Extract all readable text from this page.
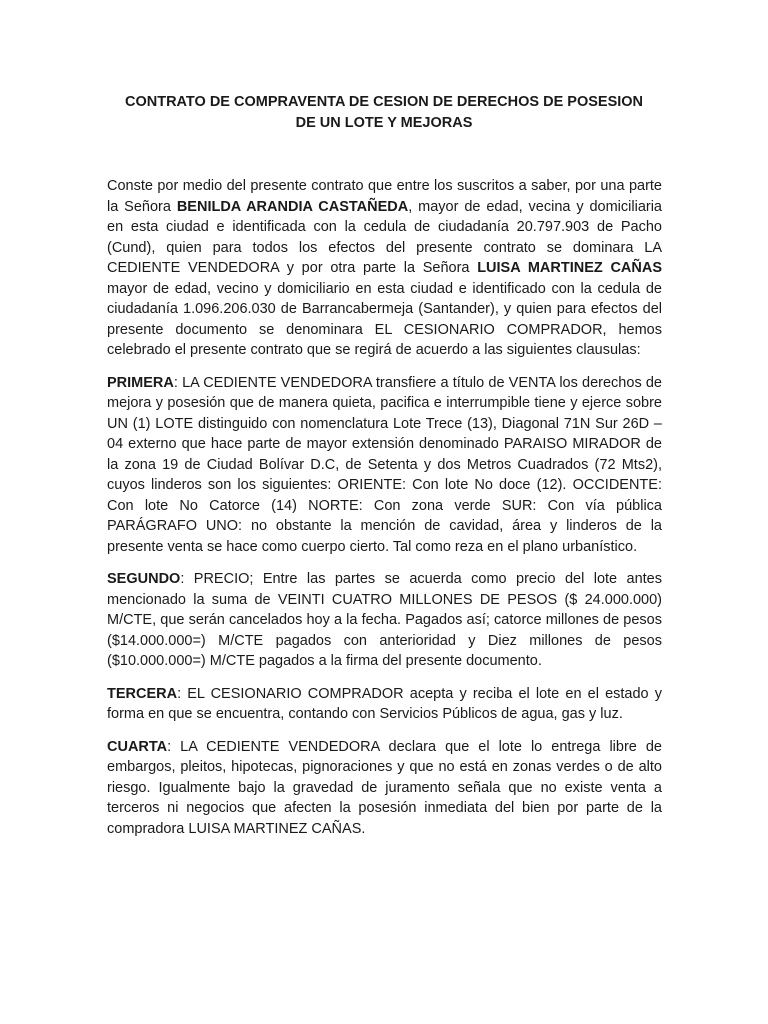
CONTRATO DE COMPRAVENTA DE CESION DE DERECHOS DE POSESION
DE UN LOTE Y MEJORAS

Conste por medio del presente contrato que entre los suscritos a saber, por una parte la Señora BENILDA ARANDIA CASTAÑEDA, mayor de edad, vecina y domiciliaria en esta ciudad e identificada con la cedula de ciudadanía 20.797.903 de Pacho (Cund), quien para todos los efectos del presente contrato se dominara LA CEDIENTE VENDEDORA y por otra parte la Señora LUISA MARTINEZ CAÑAS mayor de edad, vecino y domiciliario en esta ciudad e identificado con la cedula de ciudadanía 1.096.206.030 de Barrancabermeja (Santander), y quien para efectos del presente documento se denominara EL CESIONARIO COMPRADOR, hemos celebrado el presente contrato que se regirá de acuerdo a las siguientes clausulas:

PRIMERA: LA CEDIENTE VENDEDORA transfiere a título de VENTA los derechos de mejora y posesión que de manera quieta, pacifica e interrumpible tiene y ejerce sobre UN (1) LOTE distinguido con nomenclatura Lote Trece (13), Diagonal 71N Sur 26D – 04 externo que hace parte de mayor extensión denominado PARAISO MIRADOR de la zona 19 de Ciudad Bolívar D.C, de Setenta y dos Metros Cuadrados (72 Mts2), cuyos linderos son los siguientes: ORIENTE: Con lote No doce (12). OCCIDENTE: Con lote No Catorce (14) NORTE: Con zona verde SUR: Con vía pública PARÁGRAFO UNO: no obstante la mención de cavidad, área y linderos de la presente venta se hace como cuerpo cierto. Tal como reza en el plano urbanístico.

SEGUNDO: PRECIO; Entre las partes se acuerda como precio del lote antes mencionado la suma de VEINTI CUATRO MILLONES DE PESOS ($ 24.000.000) M/CTE, que serán cancelados hoy a la fecha. Pagados así; catorce millones de pesos ($14.000.000=) M/CTE pagados con anterioridad y Diez millones de pesos ($10.000.000=) M/CTE pagados a la firma del presente documento.

TERCERA: EL CESIONARIO COMPRADOR acepta y reciba el lote en el estado y forma en que se encuentra, contando con Servicios Públicos de agua, gas y luz.

CUARTA: LA CEDIENTE VENDEDORA declara que el lote lo entrega libre de embargos, pleitos, hipotecas, pignoraciones y que no está en zonas verdes o de alto riesgo. Igualmente bajo la gravedad de juramento señala que no existe venta a terceros ni negocios que afecten la posesión inmediata del bien por parte de la compradora LUISA MARTINEZ CAÑAS.
